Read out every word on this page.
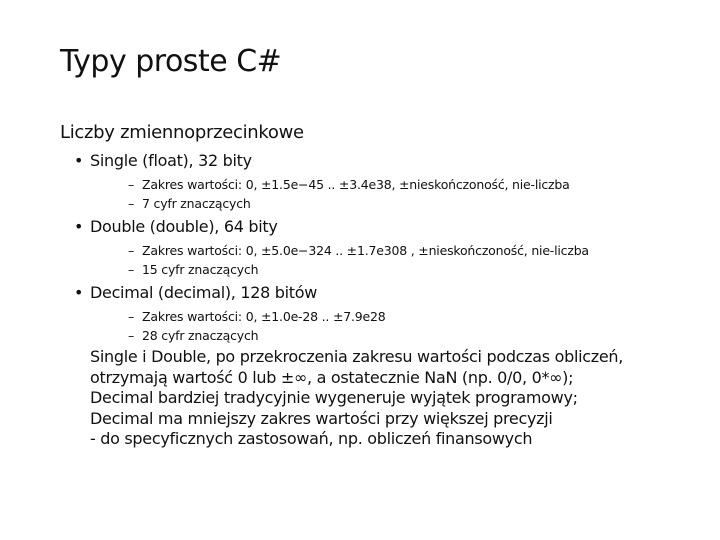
Typy proste C#
Liczby zmiennoprzecinkowe
• Single (float), 32 bity
– Zakres wartości: 0, ±1.5e−45 .. ±3.4e38, ±nieskończoność, nie-liczba
– 7 cyfr znaczących
• Double (double), 64 bity
– Zakres wartości: 0, ±5.0e−324 .. ±1.7e308 , ±nieskończoność, nie-liczba
– 15 cyfr znaczących
• Decimal (decimal), 128 bitów
– Zakres wartości: 0, ±1.0e-28 .. ±7.9e28
– 28 cyfr znaczących
Single i Double, po przekroczenia zakresu wartości podczas obliczeń,
otrzymają wartość 0 lub ±∞, a ostatecznie NaN (np. 0/0, 0*∞);
Decimal bardziej tradycyjnie wygeneruje wyjątek programowy;
Decimal ma mniejszy zakres wartości przy większej precyzji
- do specyficznych zastosowań, np. obliczeń finansowych
